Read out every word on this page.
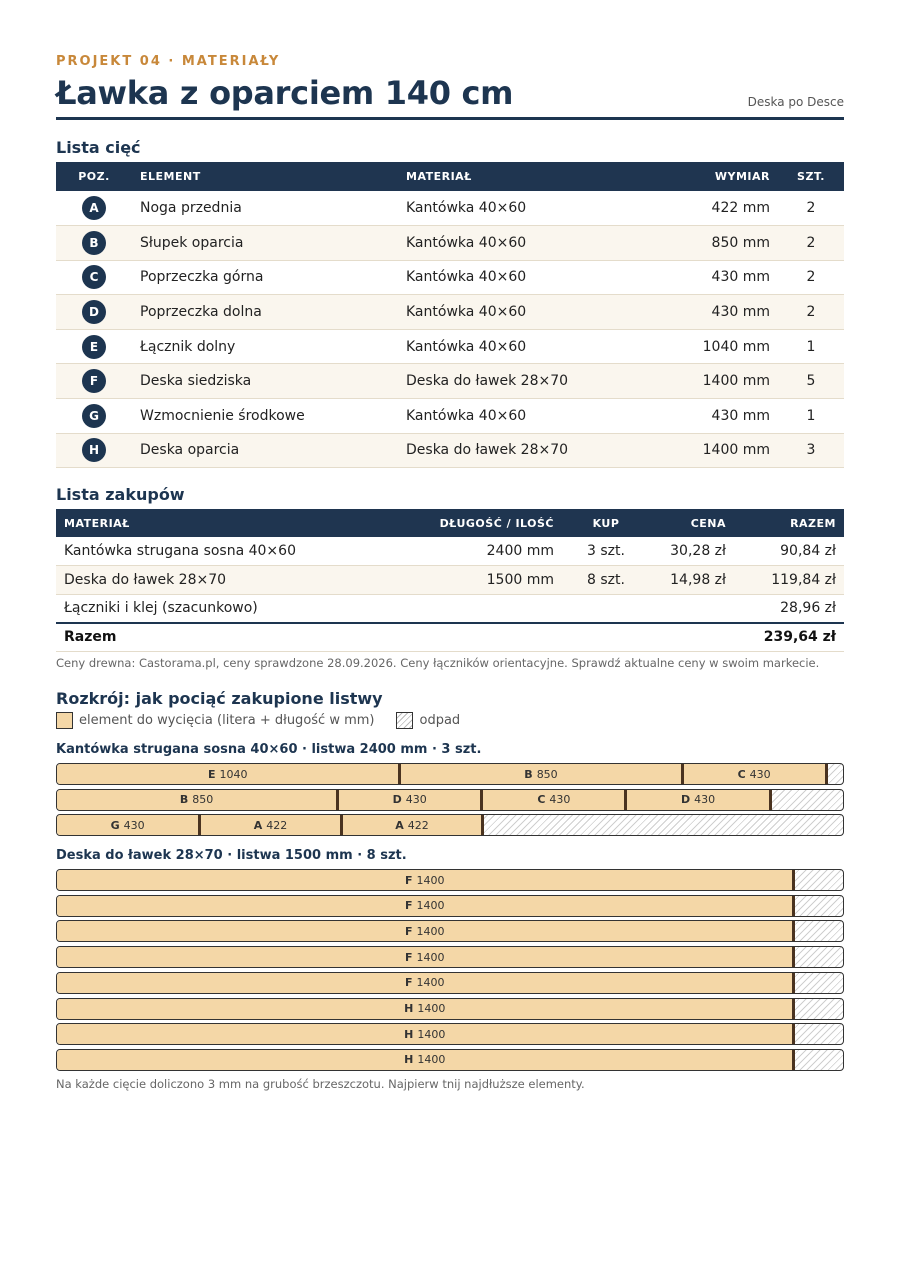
PROJEKT 04 · MATERIAŁY
Ławka z oparciem 140 cm	Deska po Desce
Lista cięć
POZ.	ELEMENT	MATERIAŁ	WYMIAR	SZT.
A	Noga przednia	Kantówka 40×60	422 mm	2
B	Słupek oparcia	Kantówka 40×60	850 mm	2
C	Poprzeczka górna	Kantówka 40×60	430 mm	2
D	Poprzeczka dolna	Kantówka 40×60	430 mm	2
E	Łącznik dolny	Kantówka 40×60	1040 mm	1
F	Deska siedziska	Deska do ławek 28×70	1400 mm	5
G	Wzmocnienie środkowe	Kantówka 40×60	430 mm	1
H	Deska oparcia	Deska do ławek 28×70	1400 mm	3
Lista zakupów
MATERIAŁ	DŁUGOŚĆ / ILOŚĆ	KUP	CENA	RAZEM
Kantówka strugana sosna 40×60	2400 mm	3 szt.	30,28 zł	90,84 zł
Deska do ławek 28×70	1500 mm	8 szt.	14,98 zł	119,84 zł
Łączniki i klej (szacunkowo)				28,96 zł
Razem				239,64 zł
Ceny drewna: Castorama.pl, ceny sprawdzone 28.09.2026. Ceny łączników orientacyjne. Sprawdź aktualne ceny w swoim markecie.
Rozkrój: jak pociąć zakupione listwy
element do wycięcia (litera + długość w mm)	odpad
Kantówka strugana sosna 40×60 · listwa 2400 mm · 3 szt.
E 1040	B 850	C 430
B 850	D 430	C 430	D 430
G 430	A 422	A 422
Deska do ławek 28×70 · listwa 1500 mm · 8 szt.
F 1400
F 1400
F 1400
F 1400
F 1400
H 1400
H 1400
H 1400
Na każde cięcie doliczono 3 mm na grubość brzeszczotu. Najpierw tnij najdłuższe elementy.
